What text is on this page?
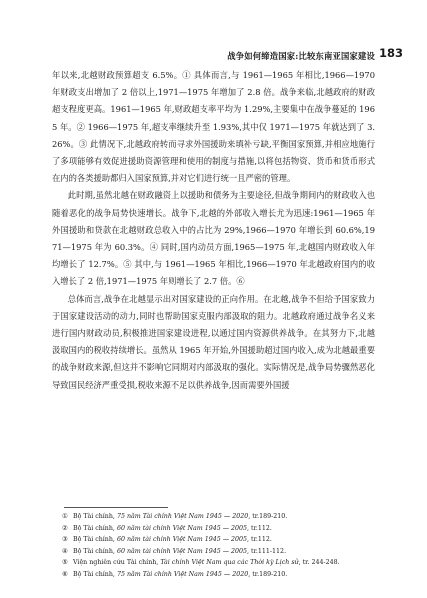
战争如何缔造国家:比较东南亚国家建设 183

年以来,北越财政预算超支 6.5%。① 具体而言,与 1961—1965 年相比,1966—1970 年财政支出增加了 2 倍以上,1971—1975 年增加了 2.8 倍。战争来临,北越政府的财政超支程度更高。1961—1965 年,财政超支率平均为 1.29%,主要集中在战争蔓延的 1965 年。② 1966—1975 年,超支率继续升至 1.93%,其中仅 1971—1975 年就达到了 3.26%。③ 此情况下,北越政府转而寻求外国援助来填补亏缺,平衡国家预算,并相应地施行了多项能够有效促进援助资源管理和使用的制度与措施,以将包括物资、货币和货币形式在内的各类援助都归入国家预算,并对它们进行统一且严密的管理。

此时期,虽然北越在财政融资上以援助和债务为主要途径,但战争期间内的财政收入也随着恶化的战争局势快速增长。战争下,北越的外部收入增长尤为迅速:1961—1965 年外国援助和贷款在北越财政总收入中的占比为 29%,1966—1970 年增长到 60.6%,1971—1975 年为 60.3%。④ 同时,国内动员方面,1965—1975 年,北越国内财政收入年均增长了 12.7%。⑤ 其中,与 1961—1965 年相比,1966—1970 年北越政府国内的收入增长了 2 倍,1971—1975 年则增长了 2.7 倍。⑥

总体而言,战争在北越显示出对国家建设的正向作用。在北越,战争不但给予国家致力于国家建设活动的动力,同时也帮助国家克服内部汲取的阻力。北越政府通过战争名义来进行国内财政动员,积极推进国家建设进程,以通过国内资源供养战争。在其努力下,北越汲取国内的税收持续增长。虽然从 1965 年开始,外国援助超过国内收入,成为北越最重要的战争财政来源,但这并不影响它同期对内部汲取的强化。实际情况是,战争局势骤然恶化导致国民经济严重受损,税收来源不足以供养战争,因而需要外国援

① Bộ Tài chính, 75 năm Tài chính Việt Nam 1945 — 2020, tr.189-210.
② Bộ Tài chính, 60 năm tài chính Việt Nam 1945 — 2005, tr.112.
③ Bộ Tài chính, 60 năm tài chính Việt Nam 1945 — 2005, tr.112.
④ Bộ Tài chính, 60 năm tài chính Việt Nam 1945 — 2005, tr.111-112.
⑤ Viện nghiên cứu Tài chính, Tài chính Việt Nam qua các Thời kỳ Lịch sử, tr. 244-248.
⑥ Bộ Tài chính, 75 năm Tài chính Việt Nam 1945 — 2020, tr.189-210.
